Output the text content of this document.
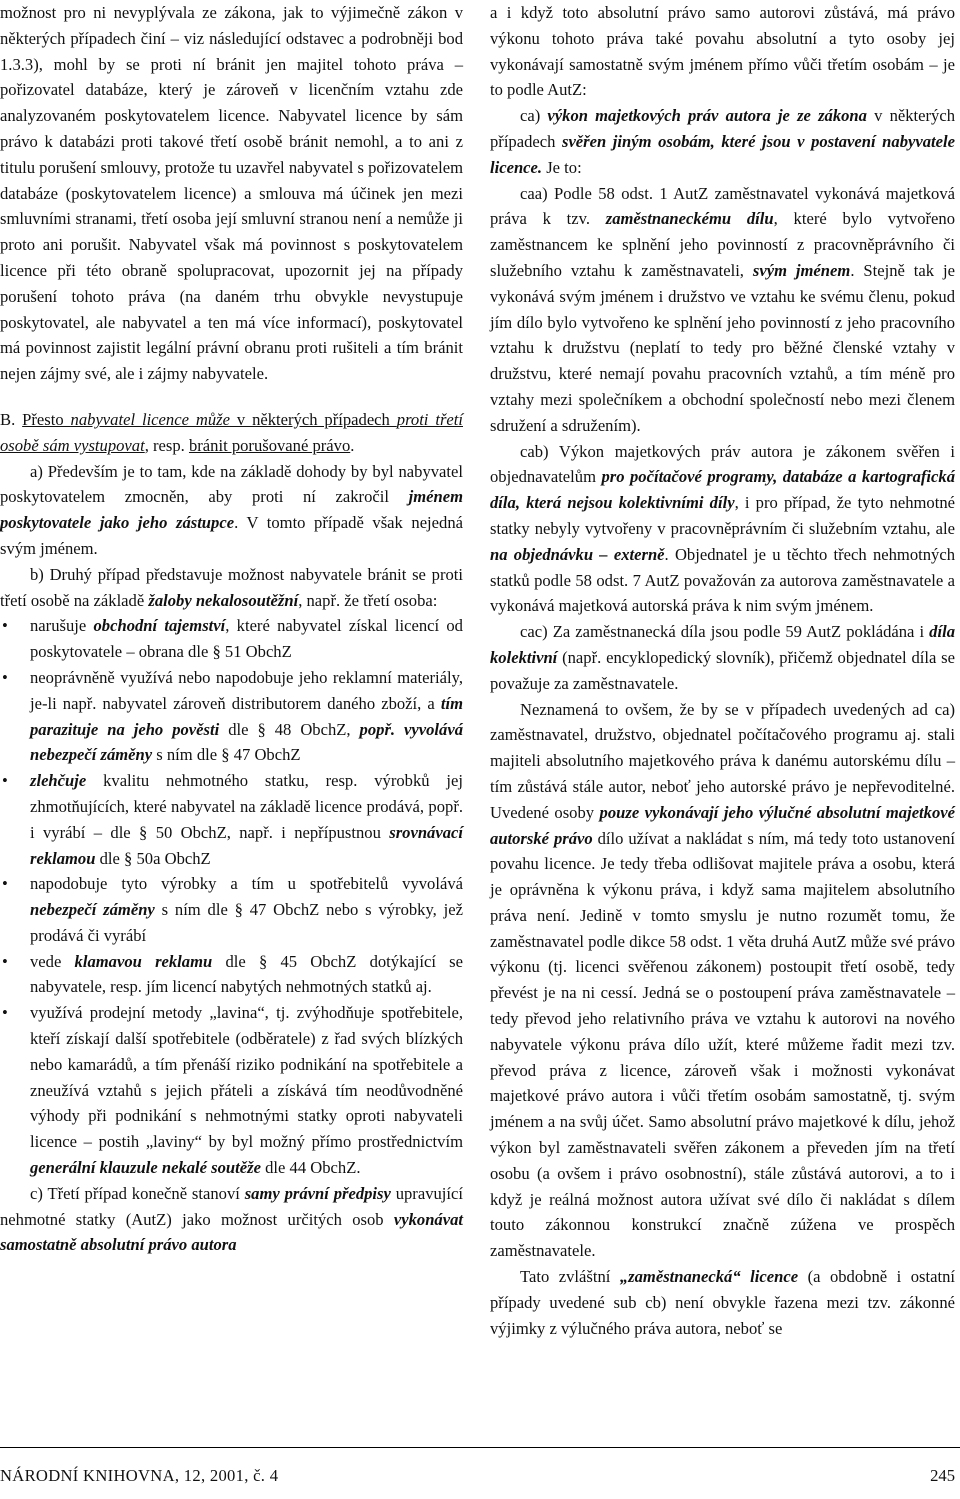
možnost pro ni nevyplývala ze zákona, jak to výjimečně zákon v některých případech činí – viz následující odstavec a podrobněji bod 1.3.3), mohl by se proti ní bránit jen majitel tohoto práva – pořizovatel databáze, který je zároveň v licenčním vztahu zde analyzovaném poskytovatelem licence. Nabyvatel licence by sám právo k databázi proti takové třetí osobě bránit nemohl, a to ani z titulu porušení smlouvy, protože tu uzavřel nabyvatel s pořizovatelem databáze (poskytovatelem licence) a smlouva má účinek jen mezi smluvními stranami, třetí osoba její smluvní stranou není a nemůže ji proto ani porušit. Nabyvatel však má povinnost s poskytovatelem licence při této obraně spolupracovat, upozornit jej na případy porušení tohoto práva (na daném trhu obvykle nevystupuje poskytovatel, ale nabyvatel a ten má více informací), poskytovatel má povinnost zajistit legální právní obranu proti rušiteli a tím bránit nejen zájmy své, ale i zájmy nabyvatele.

B. Přesto nabyvatel licence může v některých případech proti třetí osobě sám vystupovat, resp. bránit porušované právo.

a) Především je to tam, kde na základě dohody by byl nabyvatel poskytovatelem zmocněn, aby proti ní zakročil jménem poskytovatele jako jeho zástupce. V tomto případě však nejedná svým jménem.

b) Druhý případ představuje možnost nabyvatele bránit se proti třetí osobě na základě žaloby nekalosoutěžní, např. že třetí osoba:

• narušuje obchodní tajemství, které nabyvatel získal licencí od poskytovatele – obrana dle § 51 ObchZ
• neoprávněně využívá nebo napodobuje jeho reklamní materiály, je-li např. nabyvatel zároveň distributorem daného zboží, a tím parazituje na jeho pověsti dle § 48 ObchZ, popř. vyvolává nebezpečí záměny s ním dle § 47 ObchZ
• zlehčuje kvalitu nehmotného statku, resp. výrobků jej zhmotňujících, které nabyvatel na základě licence prodává, popř. i vyrábí – dle § 50 ObchZ, např. i nepřípustnou srovnávací reklamou dle § 50a ObchZ
• napodobuje tyto výrobky a tím u spotřebitelů vyvolává nebezpečí záměny s ním dle § 47 ObchZ nebo s výrobky, jež prodává či vyrábí
• vede klamavou reklamu dle § 45 ObchZ dotýkající se nabyvatele, resp. jím licencí nabytých nehmotných statků aj.
• využívá prodejní metody „lavina“, tj. zvýhodňuje spotřebitele, kteří získají další spotřebitele (odběratele) z řad svých blízkých nebo kamarádů, a tím přenáší riziko podnikání na spotřebitele a zneužívá vztahů s jejich přáteli a získává tím neodůvodněné výhody při podnikání s nehmotnými statky oproti nabyvateli licence – postih „laviny“ by byl možný přímo prostřednictvím generální klauzule nekalé soutěže dle 44 ObchZ.

c) Třetí případ konečně stanoví samy právní předpisy upravující nehmotné statky (AutZ) jako možnost určitých osob vykonávat samostatně absolutní právo autora

a i když toto absolutní právo samo autorovi zůstává, má právo výkonu tohoto práva také povahu absolutní a tyto osoby jej vykonávají samostatně svým jménem přímo vůči třetím osobám – je to podle AutZ:

ca) výkon majetkových práv autora je ze zákona v některých případech svěřen jiným osobám, které jsou v postavení nabyvatele licence. Je to:

caa) Podle 58 odst. 1 AutZ zaměstnavatel vykonává majetková práva k tzv. zaměstnaneckému dílu, které bylo vytvořeno zaměstnancem ke splnění jeho povinností z pracovněprávního či služebního vztahu k zaměstnavateli, svým jménem. Stejně tak je vykonává svým jménem i družstvo ve vztahu ke svému členu, pokud jím dílo bylo vytvořeno ke splnění jeho povinností z jeho pracovního vztahu k družstvu (neplatí to tedy pro běžné členské vztahy v družstvu, které nemají povahu pracovních vztahů, a tím méně pro vztahy mezi společníkem a obchodní společností nebo mezi členem sdružení a sdružením).

cab) Výkon majetkových práv autora je zákonem svěřen i objednavatelům pro počítačové programy, databáze a kartografická díla, která nejsou kolektivními díly, i pro případ, že tyto nehmotné statky nebyly vytvořeny v pracovněprávním či služebním vztahu, ale na objednávku – externě. Objednatel je u těchto třech nehmotných statků podle 58 odst. 7 AutZ považován za autorova zaměstnavatele a vykonává majetková autorská práva k nim svým jménem.

cac) Za zaměstnanecká díla jsou podle 59 AutZ pokládána i díla kolektivní (např. encyklopedický slovník), přičemž objednatel díla se považuje za zaměstnavatele.

Neznamená to ovšem, že by se v případech uvedených ad ca) zaměstnavatel, družstvo, objednatel počítačového programu aj. stali majiteli absolutního majetkového práva k danému autorskému dílu – tím zůstává stále autor, neboť jeho autorské právo je nepřevoditelné. Uvedené osoby pouze vykonávají jeho výlučné absolutní majetkové autorské právo dílo užívat a nakládat s ním, má tedy toto ustanovení povahu licence. Je tedy třeba odlišovat majitele práva a osobu, která je oprávněna k výkonu práva, i když sama majitelem absolutního práva není. Jedině v tomto smyslu je nutno rozumět tomu, že zaměstnavatel podle dikce 58 odst. 1 věta druhá AutZ může své právo výkonu (tj. licenci svěřenou zákonem) postoupit třetí osobě, tedy převést je na ni cessí. Jedná se o postoupení práva zaměstnavatele – tedy převod jeho relativního práva ve vztahu k autorovi na nového nabyvatele výkonu práva dílo užít, které můžeme řadit mezi tzv. převod práva z licence, zároveň však i možnosti vykonávat majetkové právo autora i vůči třetím osobám samostatně, tj. svým jménem a na svůj účet. Samo absolutní právo majetkové k dílu, jehož výkon byl zaměstnavateli svěřen zákonem a převeden jím na třetí osobu (a ovšem i právo osobnostní), stále zůstává autorovi, a to i když je reálná možnost autora užívat své dílo či nakládat s dílem touto zákonnou konstrukcí značně zúžena ve prospěch zaměstnavatele.

Tato zvláštní „zaměstnanecká“ licence (a obdobně i ostatní případy uvedené sub cb) není obvykle řazena mezi tzv. zákonné výjimky z výlučného práva autora, neboť se

NÁRODNÍ KNIHOVNA, 12, 2001, č. 4	245
